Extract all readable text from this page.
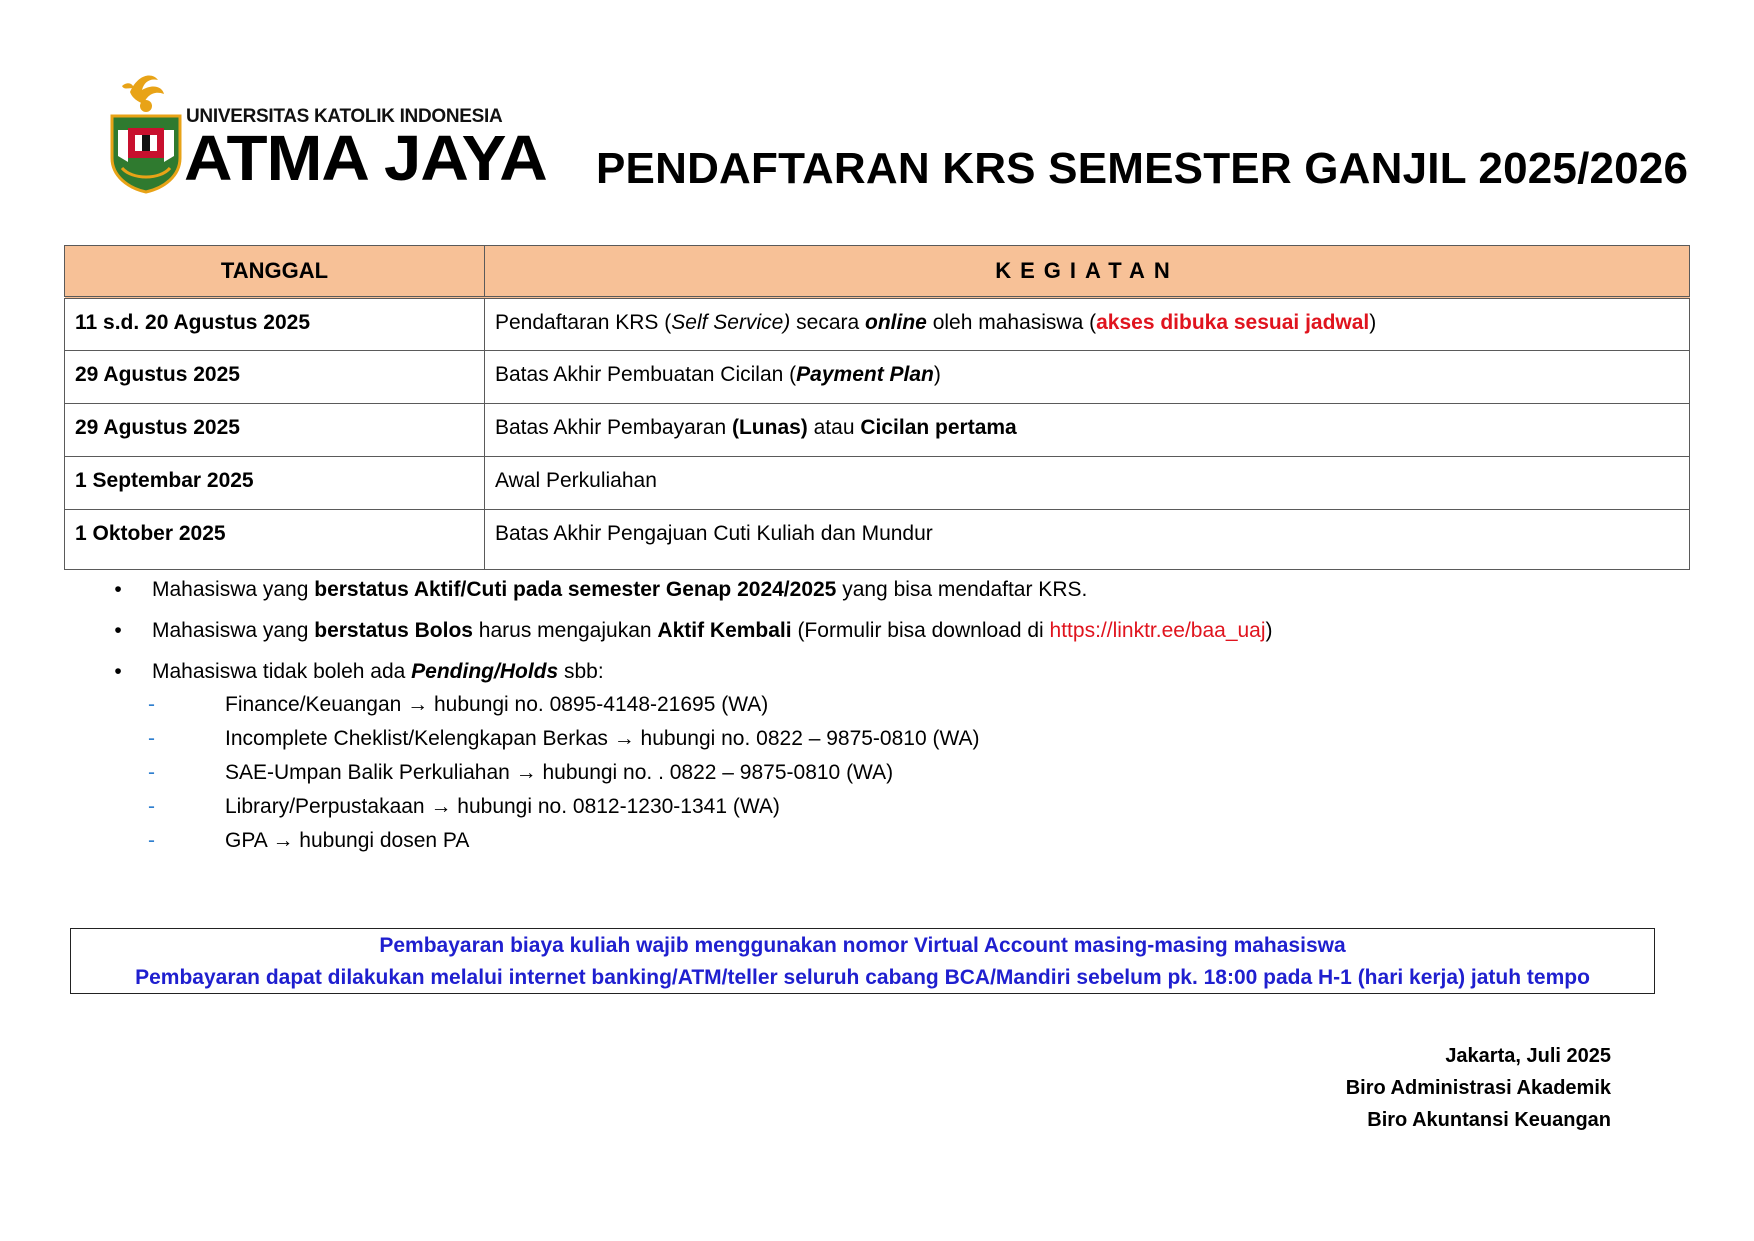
UNIVERSITAS KATOLIK INDONESIA
ATMA JAYA PENDAFTARAN KRS SEMESTER GANJIL 2025/2026
TANGGAL	KEGIATAN
11 s.d. 20 Agustus 2025	Pendaftaran KRS (Self Service) secara online oleh mahasiswa (akses dibuka sesuai jadwal)
29 Agustus 2025	Batas Akhir Pembuatan Cicilan (Payment Plan)
29 Agustus 2025	Batas Akhir Pembayaran (Lunas) atau Cicilan pertama
1 Septembar 2025	Awal Perkuliahan
1 Oktober 2025	Batas Akhir Pengajuan Cuti Kuliah dan Mundur
•	Mahasiswa yang berstatus Aktif/Cuti pada semester Genap 2024/2025 yang bisa mendaftar KRS.
•	Mahasiswa yang berstatus Bolos harus mengajukan Aktif Kembali (Formulir bisa download di https://linktr.ee/baa_uaj)
•	Mahasiswa tidak boleh ada Pending/Holds sbb:
-	Finance/Keuangan → hubungi no. 0895-4148-21695 (WA)
-	Incomplete Cheklist/Kelengkapan Berkas → hubungi no. 0822 – 9875-0810 (WA)
-	SAE-Umpan Balik Perkuliahan → hubungi no. . 0822 – 9875-0810 (WA)
-	Library/Perpustakaan → hubungi no. 0812-1230-1341 (WA)
-	GPA → hubungi dosen PA
Pembayaran biaya kuliah wajib menggunakan nomor Virtual Account masing-masing mahasiswa
Pembayaran dapat dilakukan melalui internet banking/ATM/teller seluruh cabang BCA/Mandiri sebelum pk. 18:00 pada H-1 (hari kerja) jatuh tempo
Jakarta, Juli 2025
Biro Administrasi Akademik
Biro Akuntansi Keuangan
